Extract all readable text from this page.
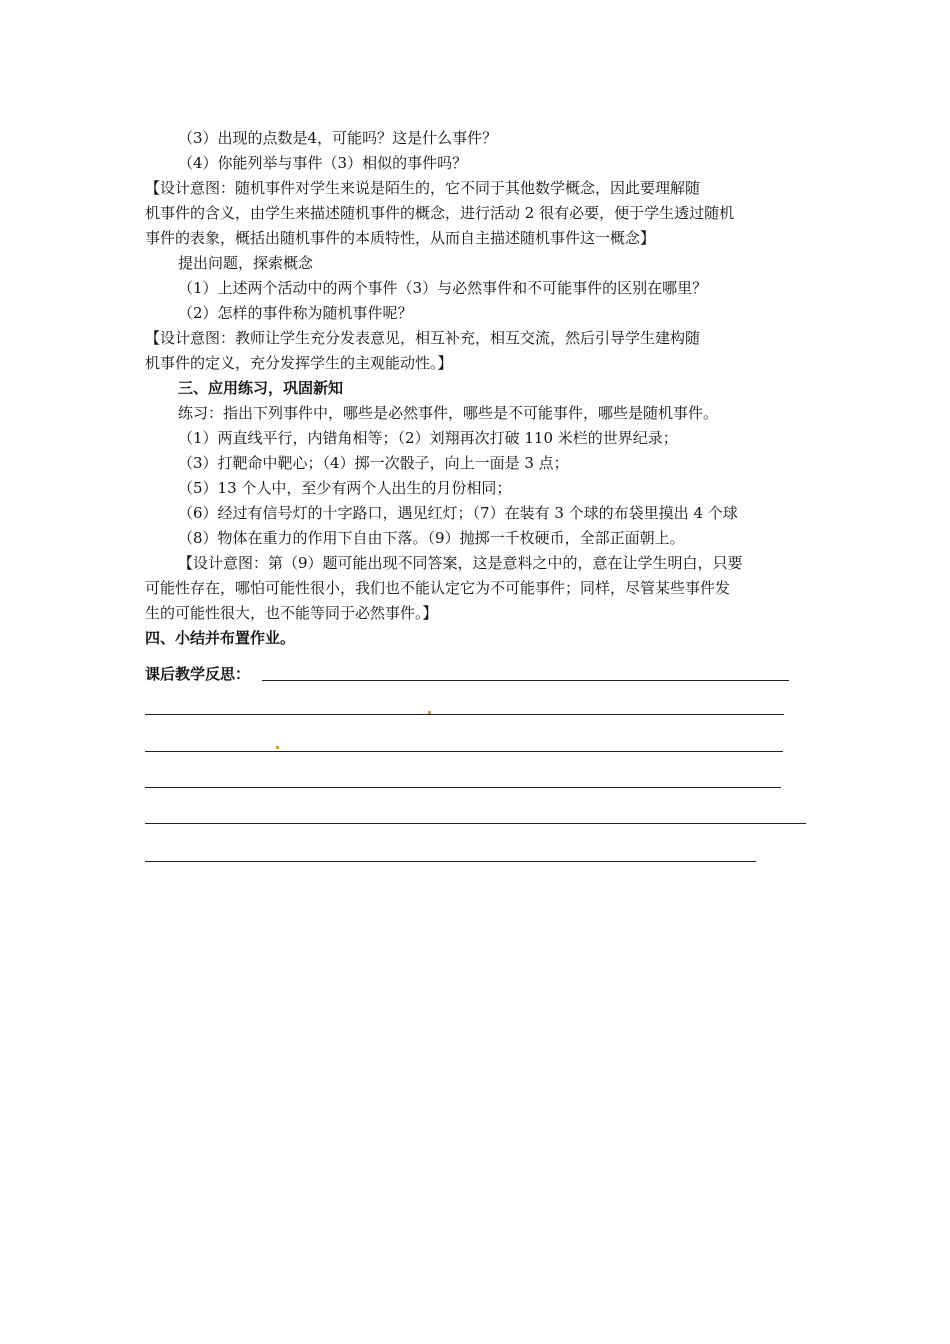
（3）出现的点数是4，可能吗？这是什么事件？
（4）你能列举与事件（3）相似的事件吗？
【设计意图：随机事件对学生来说是陌生的，它不同于其他数学概念，因此要理解随
机事件的含义，由学生来描述随机事件的概念，进行活动 2 很有必要，便于学生透过随机
事件的表象，概括出随机事件的本质特性，从而自主描述随机事件这一概念】
提出问题，探索概念
（1）上述两个活动中的两个事件（3）与必然事件和不可能事件的区别在哪里？
（2）怎样的事件称为随机事件呢？
【设计意图：教师让学生充分发表意见，相互补充，相互交流，然后引导学生建构随
机事件的定义，充分发挥学生的主观能动性。】
三、应用练习，巩固新知
练习：指出下列事件中，哪些是必然事件，哪些是不可能事件，哪些是随机事件。
（1）两直线平行，内错角相等；（2）刘翔再次打破 110 米栏的世界纪录；
（3）打靶命中靶心；（4）掷一次骰子，向上一面是 3 点；
（5）13 个人中，至少有两个人出生的月份相同；
（6）经过有信号灯的十字路口，遇见红灯；（7）在装有 3 个球的布袋里摸出 4 个球
（8）物体在重力的作用下自由下落。（9）抛掷一千枚硬币，全部正面朝上。
【设计意图：第（9）题可能出现不同答案，这是意料之中的，意在让学生明白，只要
可能性存在，哪怕可能性很小，我们也不能认定它为不可能事件；同样，尽管某些事件发
生的可能性很大，也不能等同于必然事件。】
四、小结并布置作业。
课后教学反思：
